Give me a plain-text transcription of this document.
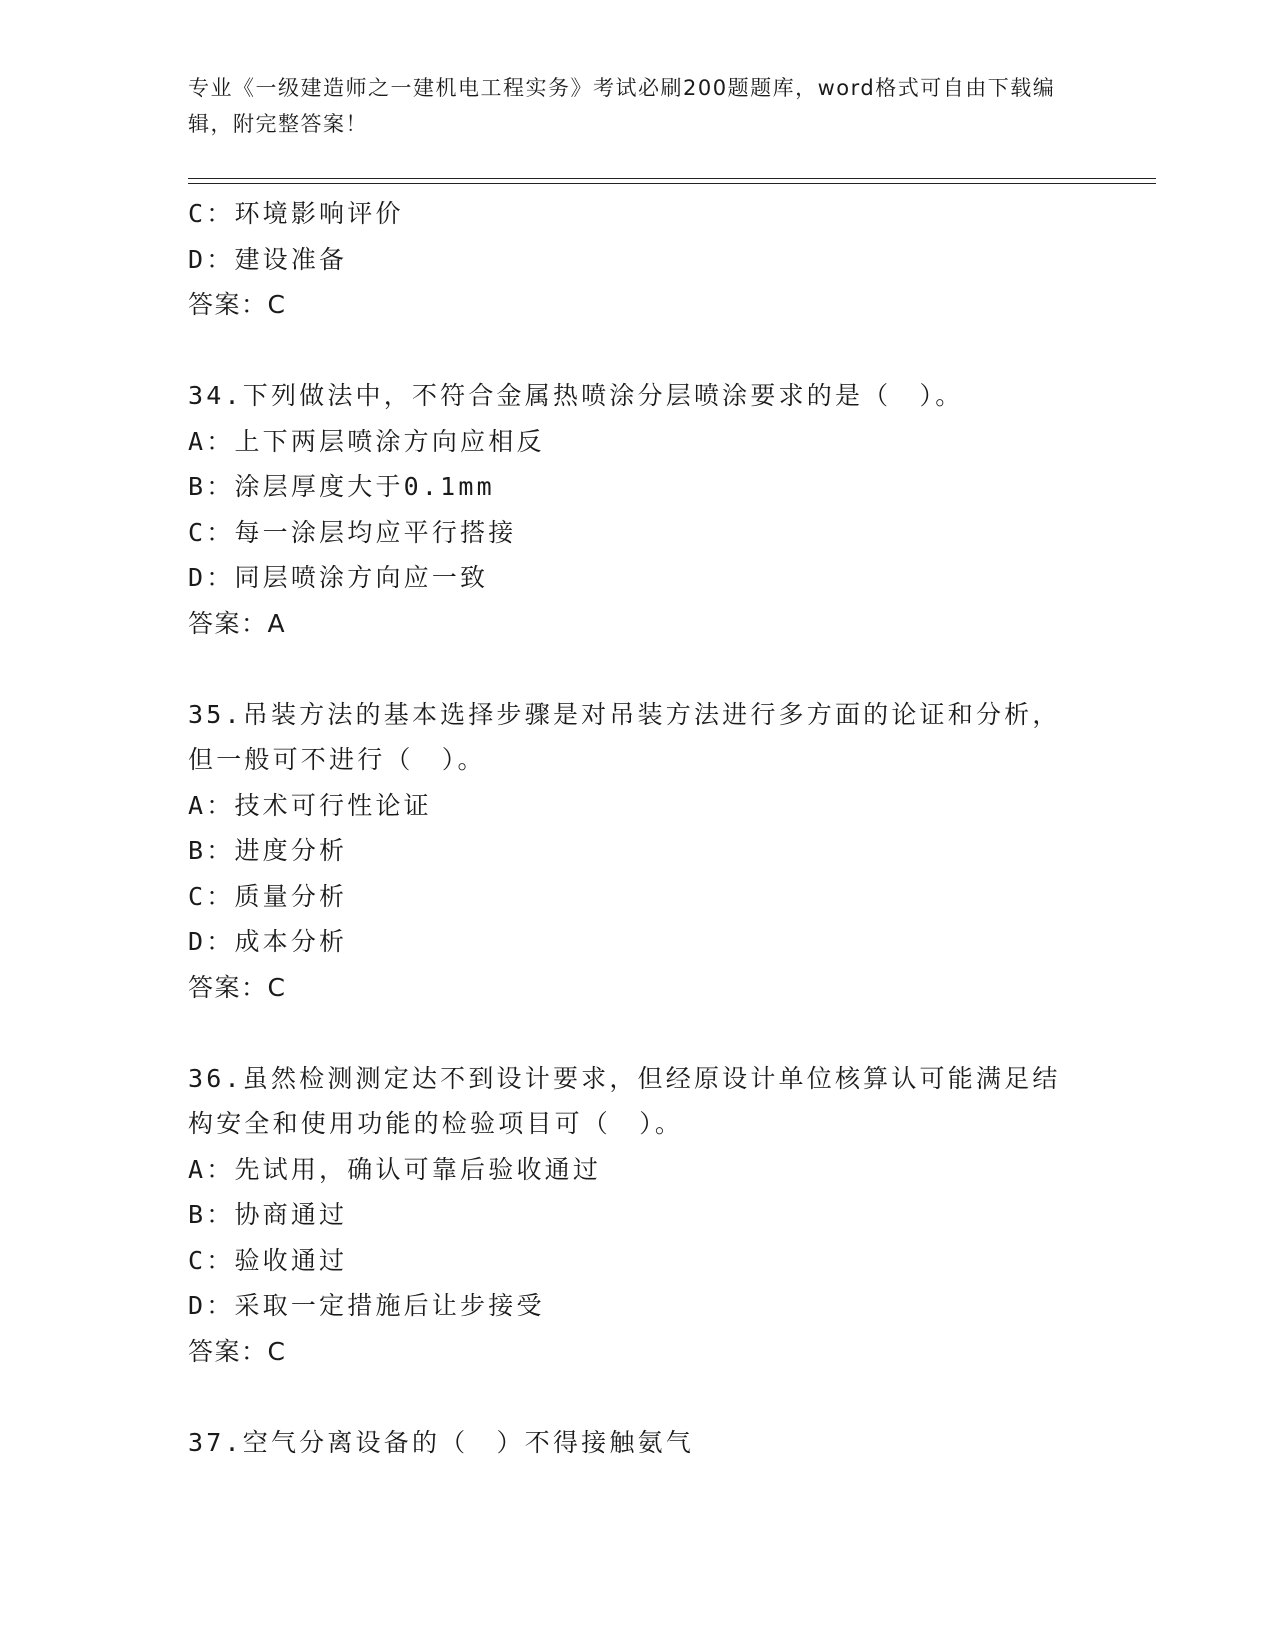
专业《一级建造师之一建机电工程实务》考试必刷200题题库，word格式可自由下载编辑，附完整答案！
C：环境影响评价
D：建设准备
答案：C
34.下列做法中，不符合金属热喷涂分层喷涂要求的是（　）。
A：上下两层喷涂方向应相反
B：涂层厚度大于0.1mm
C：每一涂层均应平行搭接
D：同层喷涂方向应一致
答案：A
35.吊装方法的基本选择步骤是对吊装方法进行多方面的论证和分析，
但一般可不进行（　）。
A：技术可行性论证
B：进度分析
C：质量分析
D：成本分析
答案：C
36.虽然检测测定达不到设计要求，但经原设计单位核算认可能满足结
构安全和使用功能的检验项目可（　）。
A：先试用，确认可靠后验收通过
B：协商通过
C：验收通过
D：采取一定措施后让步接受
答案：C
37.空气分离设备的（　）不得接触氨气
